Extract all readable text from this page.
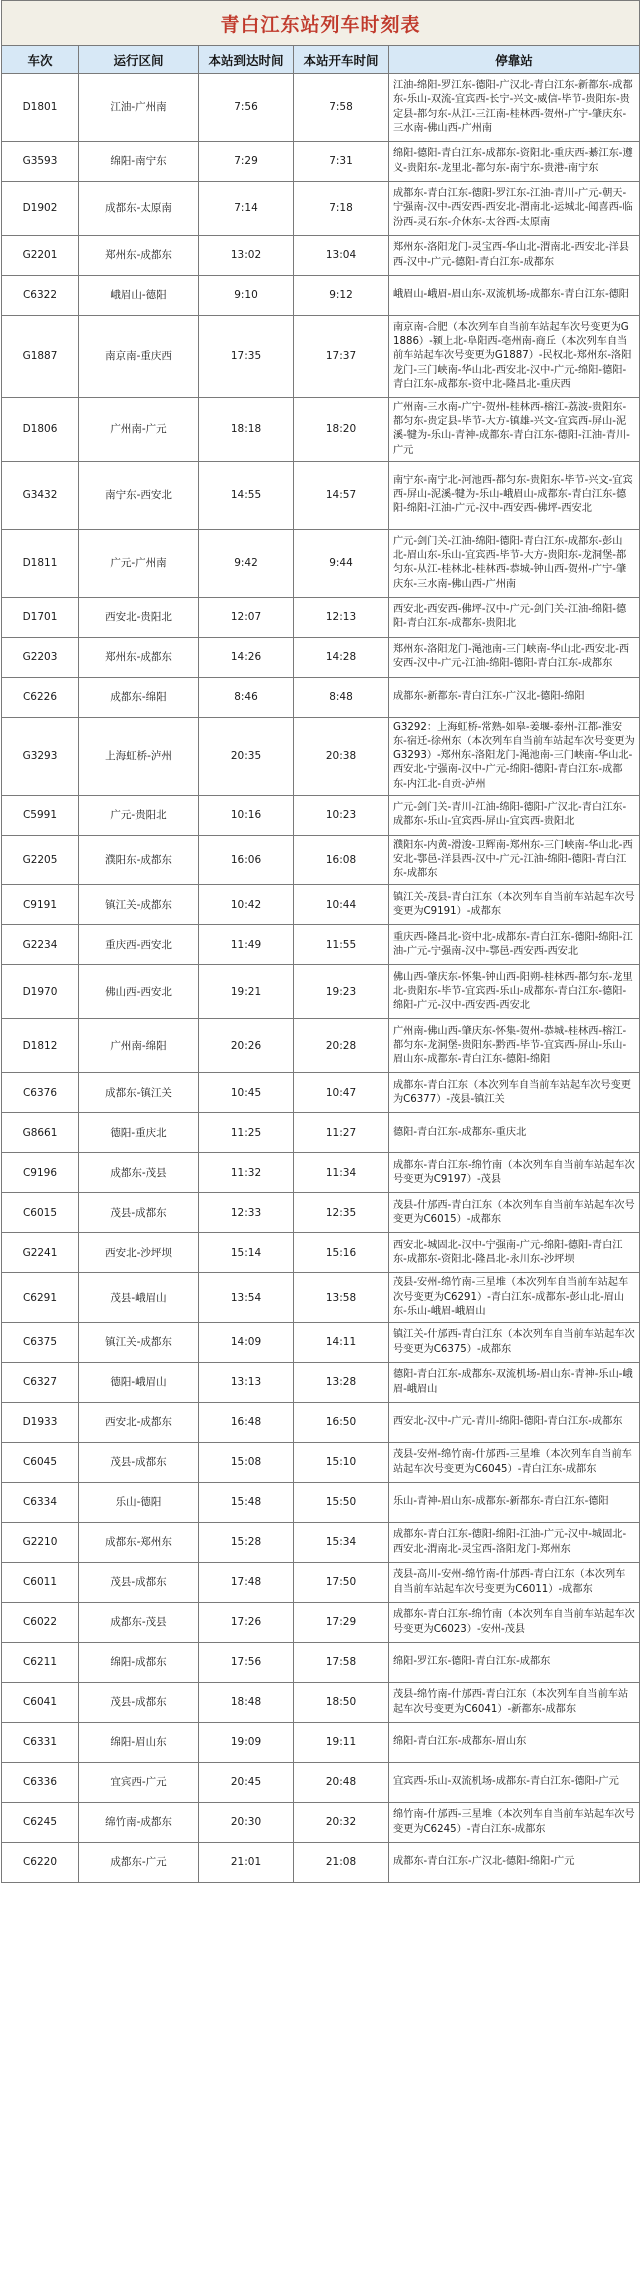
青白江东站列车时刻表				
车次	运行区间	本站到达时间	本站开车时间	停靠站
D1801	江油-广州南	7:56	7:58	江油-绵阳-罗江东-德阳-广汉北-青白江东-新都东-成都东-乐山-双流-宜宾西-长宁-兴文-威信-毕节-贵阳东-贵定县-都匀东-从江-三江南-桂林西-贺州-广宁-肇庆东-三水南-佛山西-广州南
G3593	绵阳-南宁东	7:29	7:31	绵阳-德阳-青白江东-成都东-资阳北-重庆西-綦江东-遵义-贵阳东-龙里北-都匀东-南宁东-贵港-南宁东
D1902	成都东-太原南	7:14	7:18	成都东-青白江东-德阳-罗江东-江油-青川-广元-朝天-宁强南-汉中-西安西-西安北-渭南北-运城北-闻喜西-临汾西-灵石东-介休东-太谷西-太原南
G2201	郑州东-成都东	13:02	13:04	郑州东-洛阳龙门-灵宝西-华山北-渭南北-西安北-洋县西-汉中-广元-德阳-青白江东-成都东
C6322	峨眉山-德阳	9:10	9:12	峨眉山-峨眉-眉山东-双流机场-成都东-青白江东-德阳
G1887	南京南-重庆西	17:35	17:37	南京南-合肥（本次列车自当前车站起车次号变更为G1886）-颍上北-阜阳西-亳州南-商丘（本次列车自当前车站起车次号变更为G1887）-民权北-郑州东-洛阳龙门-三门峡南-华山北-西安北-汉中-广元-绵阳-德阳-青白江东-成都东-资中北-隆昌北-重庆西
D1806	广州南-广元	18:18	18:20	广州南-三水南-广宁-贺州-桂林西-榕江-荔波-贵阳东-都匀东-贵定县-毕节-大方-镇雄-兴文-宜宾西-屏山-泥溪-犍为-乐山-青神-成都东-青白江东-德阳-江油-青川-广元
G3432	南宁东-西安北	14:55	14:57	南宁东-南宁北-河池西-都匀东-贵阳东-毕节-兴文-宜宾西-屏山-泥溪-犍为-乐山-峨眉山-成都东-青白江东-德阳-绵阳-江油-广元-汉中-西安西-佛坪-西安北
D1811	广元-广州南	9:42	9:44	广元-剑门关-江油-绵阳-德阳-青白江东-成都东-彭山北-眉山东-乐山-宜宾西-毕节-大方-贵阳东-龙洞堡-都匀东-从江-桂林北-桂林西-恭城-钟山西-贺州-广宁-肇庆东-三水南-佛山西-广州南
D1701	西安北-贵阳北	12:07	12:13	西安北-西安西-佛坪-汉中-广元-剑门关-江油-绵阳-德阳-青白江东-成都东-贵阳北
G2203	郑州东-成都东	14:26	14:28	郑州东-洛阳龙门-渑池南-三门峡南-华山北-西安北-西安西-汉中-广元-江油-绵阳-德阳-青白江东-成都东
C6226	成都东-绵阳	8:46	8:48	成都东-新都东-青白江东-广汉北-德阳-绵阳
G3293	上海虹桥-泸州	20:35	20:38	G3292：上海虹桥-常熟-如皋-姜堰-泰州-江都-淮安东-宿迁-徐州东（本次列车自当前车站起车次号变更为G3293）-郑州东-洛阳龙门-渑池南-三门峡南-华山北-西安北-宁强南-汉中-广元-绵阳-德阳-青白江东-成都东-内江北-自贡-泸州
C5991	广元-贵阳北	10:16	10:23	广元-剑门关-青川-江油-绵阳-德阳-广汉北-青白江东-成都东-乐山-宜宾西-屏山-宜宾西-贵阳北
G2205	濮阳东-成都东	16:06	16:08	濮阳东-内黄-滑浚-卫辉南-郑州东-三门峡南-华山北-西安北-鄠邑-洋县西-汉中-广元-江油-绵阳-德阳-青白江东-成都东
C9191	镇江关-成都东	10:42	10:44	镇江关-茂县-青白江东（本次列车自当前车站起车次号变更为C9191）-成都东
G2234	重庆西-西安北	11:49	11:55	重庆西-隆昌北-资中北-成都东-青白江东-德阳-绵阳-江油-广元-宁强南-汉中-鄠邑-西安西-西安北
D1970	佛山西-西安北	19:21	19:23	佛山西-肇庆东-怀集-钟山西-阳朔-桂林西-都匀东-龙里北-贵阳东-毕节-宜宾西-乐山-成都东-青白江东-德阳-绵阳-广元-汉中-西安西-西安北
D1812	广州南-绵阳	20:26	20:28	广州南-佛山西-肇庆东-怀集-贺州-恭城-桂林西-榕江-都匀东-龙洞堡-贵阳东-黔西-毕节-宜宾西-屏山-乐山-眉山东-成都东-青白江东-德阳-绵阳
C6376	成都东-镇江关	10:45	10:47	成都东-青白江东（本次列车自当前车站起车次号变更为C6377）-茂县-镇江关
G8661	德阳-重庆北	11:25	11:27	德阳-青白江东-成都东-重庆北
C9196	成都东-茂县	11:32	11:34	成都东-青白江东-绵竹南（本次列车自当前车站起车次号变更为C9197）-茂县
C6015	茂县-成都东	12:33	12:35	茂县-什邡西-青白江东（本次列车自当前车站起车次号变更为C6015）-成都东
G2241	西安北-沙坪坝	15:14	15:16	西安北-城固北-汉中-宁强南-广元-绵阳-德阳-青白江东-成都东-资阳北-隆昌北-永川东-沙坪坝
C6291	茂县-峨眉山	13:54	13:58	茂县-安州-绵竹南-三星堆（本次列车自当前车站起车次号变更为C6291）-青白江东-成都东-彭山北-眉山东-乐山-峨眉-峨眉山
C6375	镇江关-成都东	14:09	14:11	镇江关-什邡西-青白江东（本次列车自当前车站起车次号变更为C6375）-成都东
C6327	德阳-峨眉山	13:13	13:28	德阳-青白江东-成都东-双流机场-眉山东-青神-乐山-峨眉-峨眉山
D1933	西安北-成都东	16:48	16:50	西安北-汉中-广元-青川-绵阳-德阳-青白江东-成都东
C6045	茂县-成都东	15:08	15:10	茂县-安州-绵竹南-什邡西-三星堆（本次列车自当前车站起车次号变更为C6045）-青白江东-成都东
C6334	乐山-德阳	15:48	15:50	乐山-青神-眉山东-成都东-新都东-青白江东-德阳
G2210	成都东-郑州东	15:28	15:34	成都东-青白江东-德阳-绵阳-江油-广元-汉中-城固北-西安北-渭南北-灵宝西-洛阳龙门-郑州东
C6011	茂县-成都东	17:48	17:50	茂县-高川-安州-绵竹南-什邡西-青白江东（本次列车自当前车站起车次号变更为C6011）-成都东
C6022	成都东-茂县	17:26	17:29	成都东-青白江东-绵竹南（本次列车自当前车站起车次号变更为C6023）-安州-茂县
C6211	绵阳-成都东	17:56	17:58	绵阳-罗江东-德阳-青白江东-成都东
C6041	茂县-成都东	18:48	18:50	茂县-绵竹南-什邡西-青白江东（本次列车自当前车站起车次号变更为C6041）-新都东-成都东
C6331	绵阳-眉山东	19:09	19:11	绵阳-青白江东-成都东-眉山东
C6336	宜宾西-广元	20:45	20:48	宜宾西-乐山-双流机场-成都东-青白江东-德阳-广元
C6245	绵竹南-成都东	20:30	20:32	绵竹南-什邡西-三星堆（本次列车自当前车站起车次号变更为C6245）-青白江东-成都东
C6220	成都东-广元	21:01	21:08	成都东-青白江东-广汉北-德阳-绵阳-广元
